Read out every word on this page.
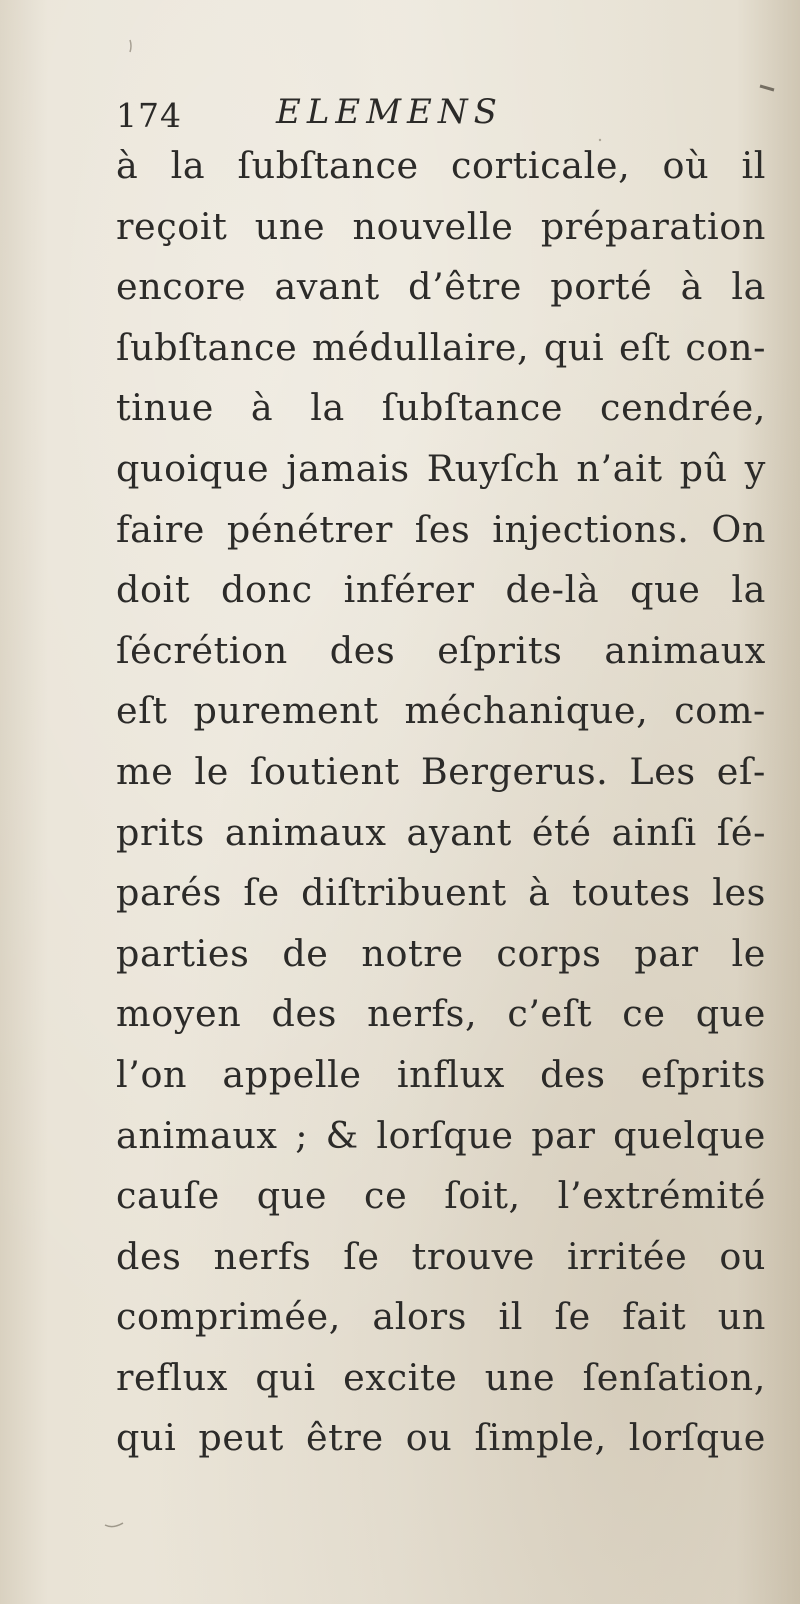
174	ELEMENS
à la ſubſtance corticale, où il
reçoit une nouvelle préparation
encore avant d’être porté à la
ſubſtance médullaire, qui eſt con-
tinue à la ſubſtance cendrée,
quoique jamais Ruyſch n’ait pû y
faire pénétrer ſes injections. On
doit donc inférer de-là que la
ſécrétion des eſprits animaux
eſt purement méchanique, com-
me le ſoutient Bergerus. Les eſ-
prits animaux ayant été ainſi ſé-
parés ſe diſtribuent à toutes les
parties de notre corps par le
moyen des nerfs, c’eſt ce que
l’on appelle influx des eſprits
animaux ; & lorſque par quelque
cauſe que ce ſoit, l’extrémité
des nerfs ſe trouve irritée ou
comprimée, alors il ſe fait un
reflux qui excite une ſenſation,
qui peut être ou ſimple, lorſque
